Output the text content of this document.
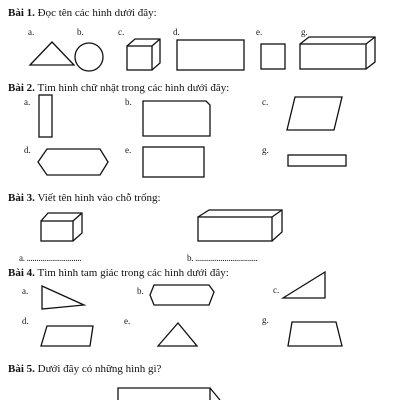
Bài 1. Đọc tên các hình dưới đây:
a.	b.	c.	d.	e.	g.
Bài 2. Tìm hình chữ nhật trong các hình dưới đây:
a.	b.	c.
d.	e.	g.
Bài 3. Viết tên hình vào chỗ trống:
a. ............................	b. ................................
Bài 4. Tìm hình tam giác trong các hình dưới đây:
a.	b.	c.
d.	e.	g.
Bài 5. Dưới đây có những hình gì?
